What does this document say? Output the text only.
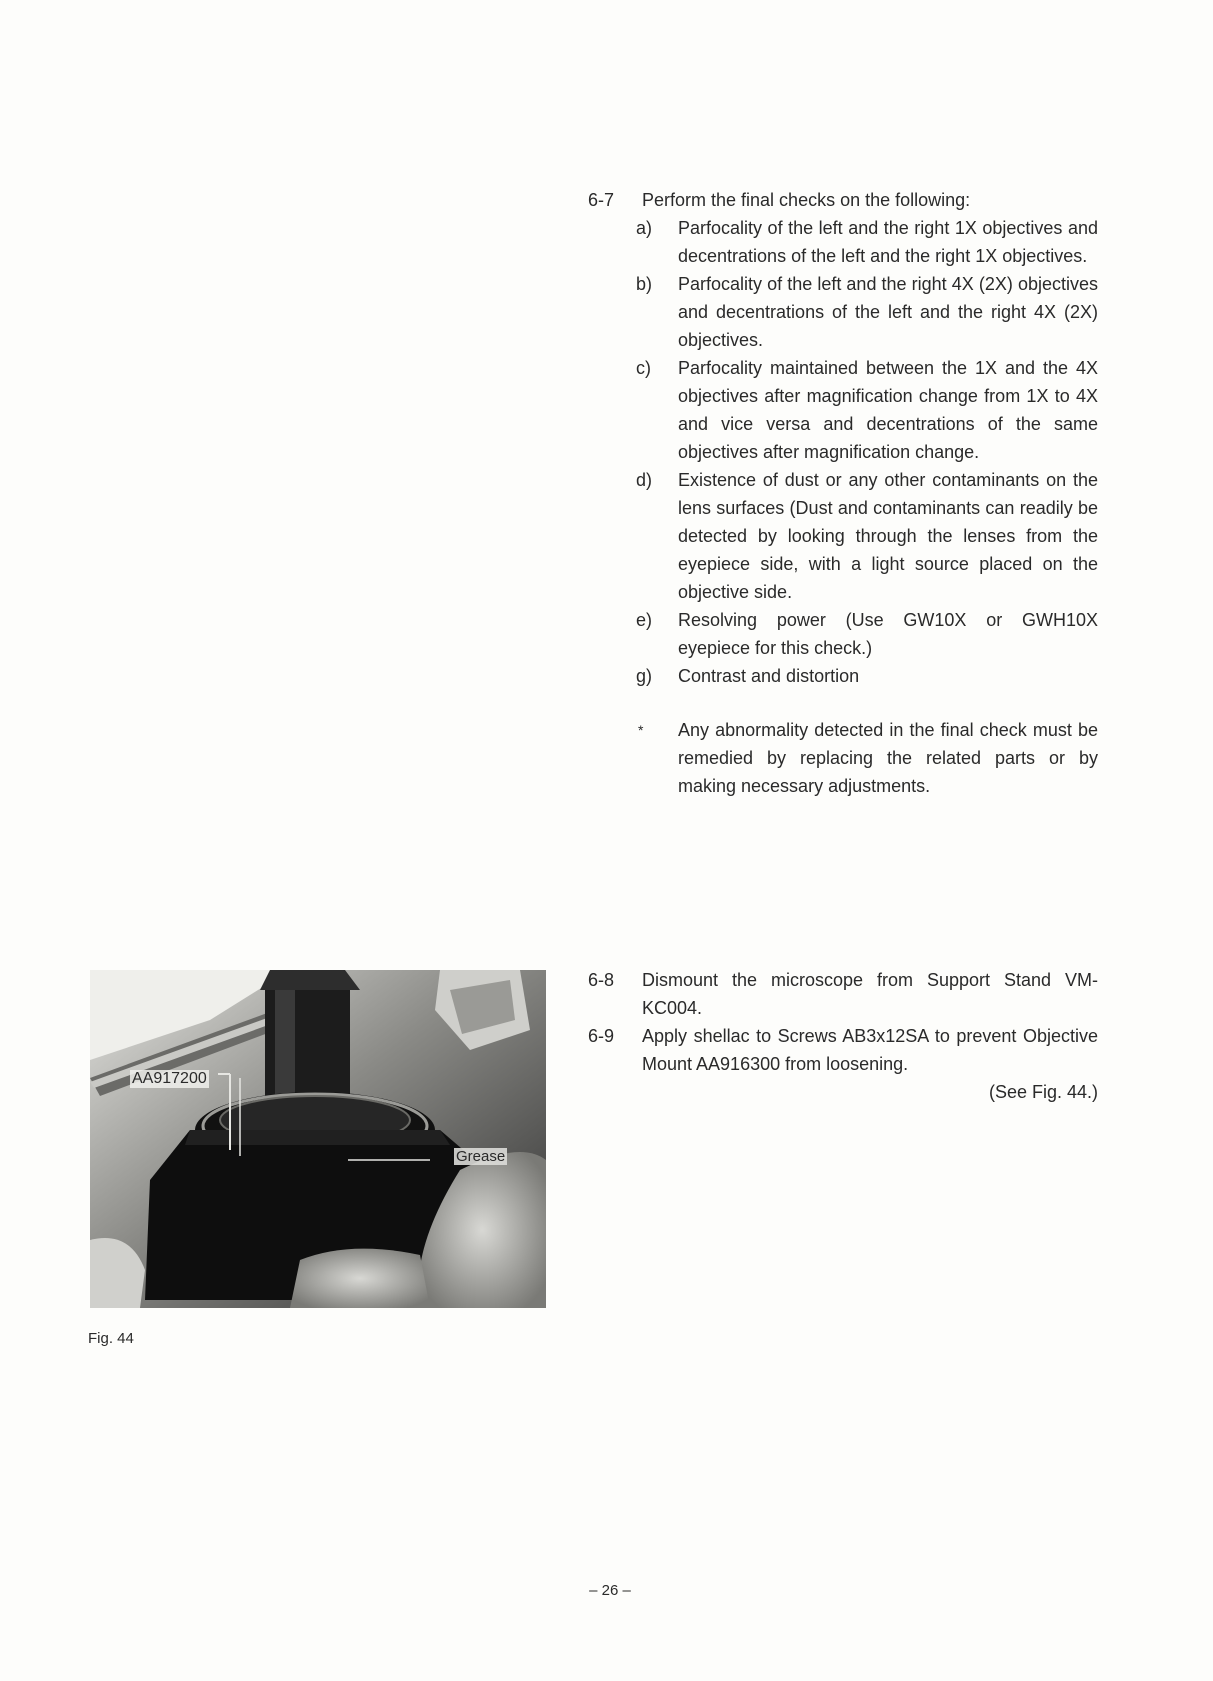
6-7	Perform the final checks on the following:
a) Parfocality of the left and the right 1X objectives and decentrations of the left and the right 1X objectives.
b) Parfocality of the left and the right 4X (2X) objectives and decentrations of the left and the right 4X (2X) objectives.
c) Parfocality maintained between the 1X and the 4X objectives after magnification change from 1X to 4X and vice versa and decentrations of the same objectives after magnification change.
d) Existence of dust or any other contaminants on the lens surfaces (Dust and contaminants can readily be detected by looking through the lenses from the eyepiece side, with a light source placed on the objective side.
e) Resolving power (Use GW10X or GWH10X eyepiece for this check.)
g) Contrast and distortion
* Any abnormality detected in the final check must be remedied by replacing the related parts or by making necessary adjustments.
6-8	Dismount the microscope from Support Stand VM-KC004.
6-9	Apply shellac to Screws AB3x12SA to prevent Objective Mount AA916300 from loosening.
(See Fig. 44.)
AA917200
Grease
Fig. 44
– 26 –
